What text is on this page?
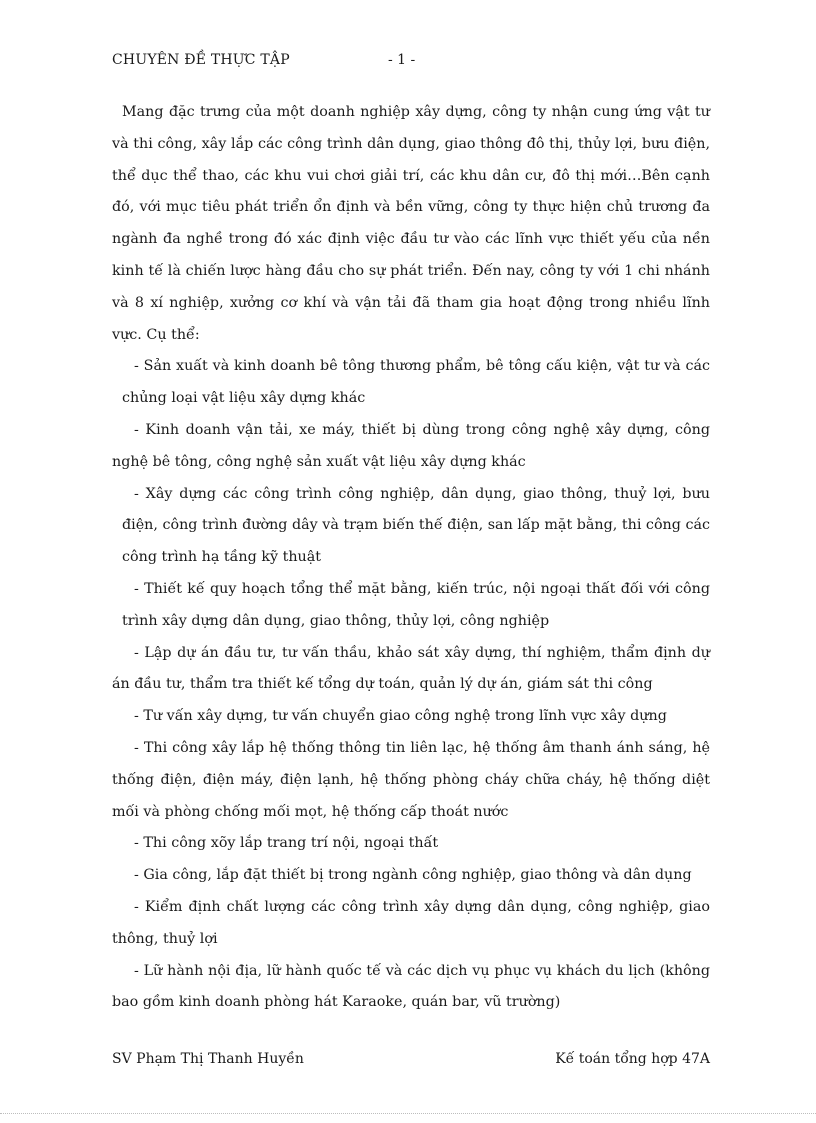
CHUYÊN ĐỀ THỰC TẬP	- 1 -

Mang đặc trưng của một doanh nghiệp xây dựng, công ty nhận cung ứng vật tư và thi công, xây lắp các công trình dân dụng, giao thông đô thị, thủy lợi, bưu điện, thể dục thể thao, các khu vui chơi giải trí, các khu dân cư, đô thị mới…Bên cạnh đó, với mục tiêu phát triển ổn định và bền vững, công ty thực hiện chủ trương đa ngành đa nghề trong đó xác định việc đầu tư vào các lĩnh vực thiết yếu của nền kinh tế là chiến lược hàng đầu cho sự phát triển. Đến nay, công ty với 1 chi nhánh và 8 xí nghiệp, xưởng cơ khí và vận tải đã tham gia hoạt động trong nhiều lĩnh vực. Cụ thể:

- Sản xuất và kinh doanh bê tông thương phẩm, bê tông cấu kiện, vật tư và các chủng loại vật liệu xây dựng khác

- Kinh doanh vận tải, xe máy, thiết bị dùng trong công nghệ xây dựng, công nghệ bê tông, công nghệ sản xuất vật liệu xây dựng khác

- Xây dựng các công trình công nghiệp, dân dụng, giao thông, thuỷ lợi, bưu điện, công trình đường dây và trạm biến thế điện, san lấp mặt bằng, thi công các công trình hạ tầng kỹ thuật

- Thiết kế quy hoạch tổng thể mặt bằng, kiến trúc, nội ngoại thất đối với công trình xây dựng dân dụng, giao thông, thủy lợi, công nghiệp

- Lập dự án đầu tư, tư vấn thầu, khảo sát xây dựng, thí nghiệm, thẩm định dự án đầu tư, thẩm tra thiết kế tổng dự toán, quản lý dự án, giám sát thi công

- Tư vấn xây dựng, tư vấn chuyển giao công nghệ trong lĩnh vực xây dựng

- Thi công xây lắp hệ thống thông tin liên lạc, hệ thống âm thanh ánh sáng, hệ thống điện, điện máy, điện lạnh, hệ thống phòng cháy chữa cháy, hệ thống diệt mối và phòng chống mối mọt, hệ thống cấp thoát nước

- Thi công xõy lắp trang trí nội, ngoại thất

- Gia công, lắp đặt thiết bị trong ngành công nghiệp, giao thông và dân dụng

- Kiểm định chất lượng các công trình xây dựng dân dụng, công nghiệp, giao thông, thuỷ lợi

- Lữ hành nội địa, lữ hành quốc tế và các dịch vụ phục vụ khách du lịch (không bao gồm kinh doanh phòng hát Karaoke, quán bar, vũ trường)

SV Phạm Thị Thanh Huyền	Kế toán tổng hợp 47A
